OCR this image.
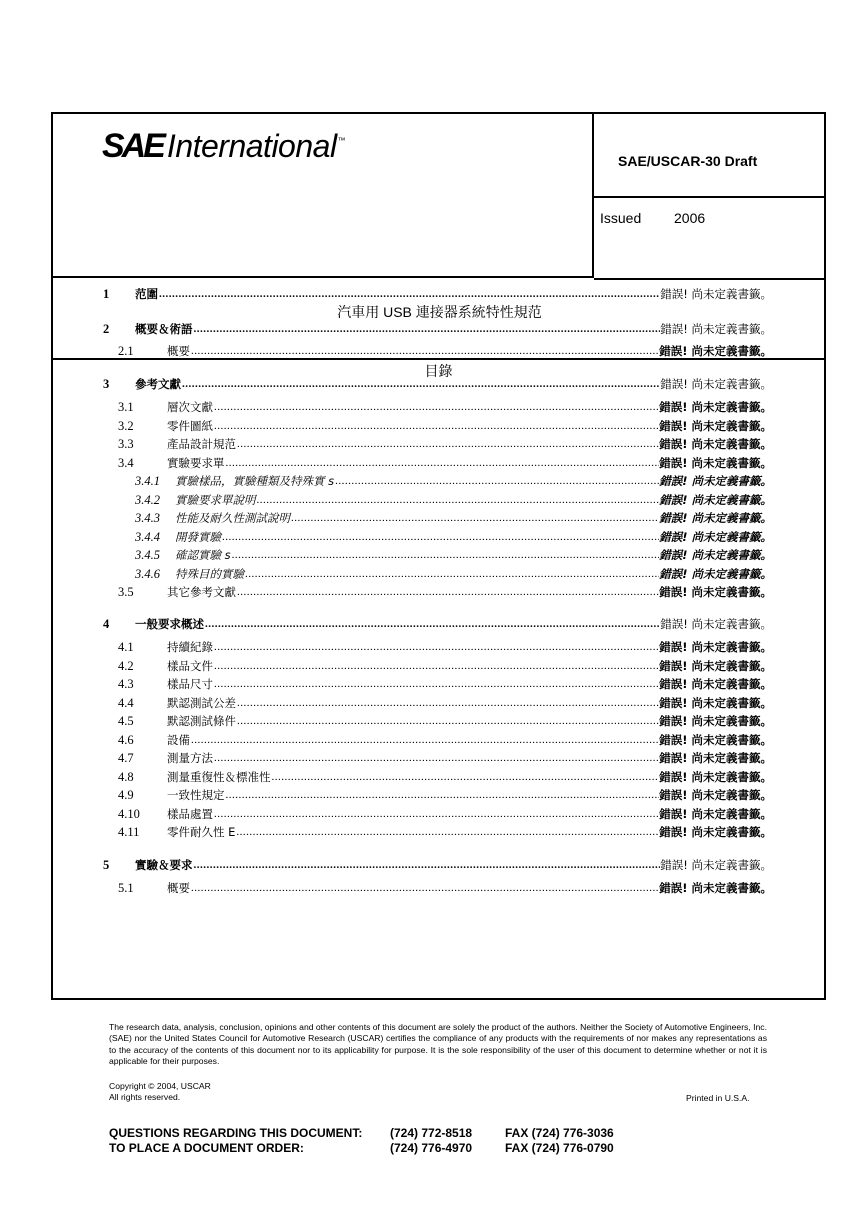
SAE International ™
SAE/USCAR-30 Draft
Issued 2006
汽車用 USB 連接器系統特性規范
目錄
1	范圍 .....	錯誤! 尚未定義書籤。
2	概要＆術語 .....	錯誤! 尚未定義書籤。
2.1	概要 .....	錯誤! 尚未定義書籤。
3	參考文獻 .....	錯誤! 尚未定義書籤。
3.1	層次文獻 .....	錯誤! 尚未定義書籤。
3.2	零件圖紙 .....	錯誤! 尚未定義書籤。
3.3	產品設計規范 .....	錯誤! 尚未定義書籤。
3.4	實驗要求單 .....	錯誤! 尚未定義書籤。
3.4.1	實驗樣品，實驗種類及特殊實 s .....	錯誤! 尚未定義書籤。
3.4.2	實驗要求單說明 .....	錯誤! 尚未定義書籤。
3.4.3	性能及耐久性測試說明 .....	錯誤! 尚未定義書籤。
3.4.4	開發實驗 .....	錯誤! 尚未定義書籤。
3.4.5	確認實驗 s .....	錯誤! 尚未定義書籤。
3.4.6	特殊目的實驗 .....	錯誤! 尚未定義書籤。
3.5	其它參考文獻 .....	錯誤! 尚未定義書籤。
4	一般要求概述 .....	錯誤! 尚未定義書籤。
4.1	持續紀錄 .....	錯誤! 尚未定義書籤。
4.2	樣品文件 .....	錯誤! 尚未定義書籤。
4.3	樣品尺寸 .....	錯誤! 尚未定義書籤。
4.4	默認測試公差 .....	錯誤! 尚未定義書籤。
4.5	默認測試條件 .....	錯誤! 尚未定義書籤。
4.6	設備 .....	錯誤! 尚未定義書籤。
4.7	測量方法 .....	錯誤! 尚未定義書籤。
4.8	測量重復性＆標准性 .....	錯誤! 尚未定義書籤。
4.9	一致性規定 .....	錯誤! 尚未定義書籤。
4.10	樣品處置 .....	錯誤! 尚未定義書籤。
4.11	零件耐久性 E .....	錯誤! 尚未定義書籤。
5	實驗＆要求 .....	錯誤! 尚未定義書籤。
5.1	概要 .....	錯誤! 尚未定義書籤。
The research data, analysis, conclusion, opinions and other contents of this document are solely the product of the authors. Neither the Society of Automotive Engineers, Inc. (SAE) nor the United States Council for Automotive Research (USCAR) certifies the compliance of any products with the requirements of nor makes any representations as to the accuracy of the contents of this document nor to its applicability for purpose. It is the sole responsibility of the user of this document to determine whether or not it is applicable for their purposes.
Copyright © 2004, USCAR
All rights reserved.	Printed in U.S.A.
QUESTIONS REGARDING THIS DOCUMENT: (724) 772-8518	FAX (724) 776-3036
TO PLACE A DOCUMENT ORDER:	(724) 776-4970	FAX (724) 776-0790
